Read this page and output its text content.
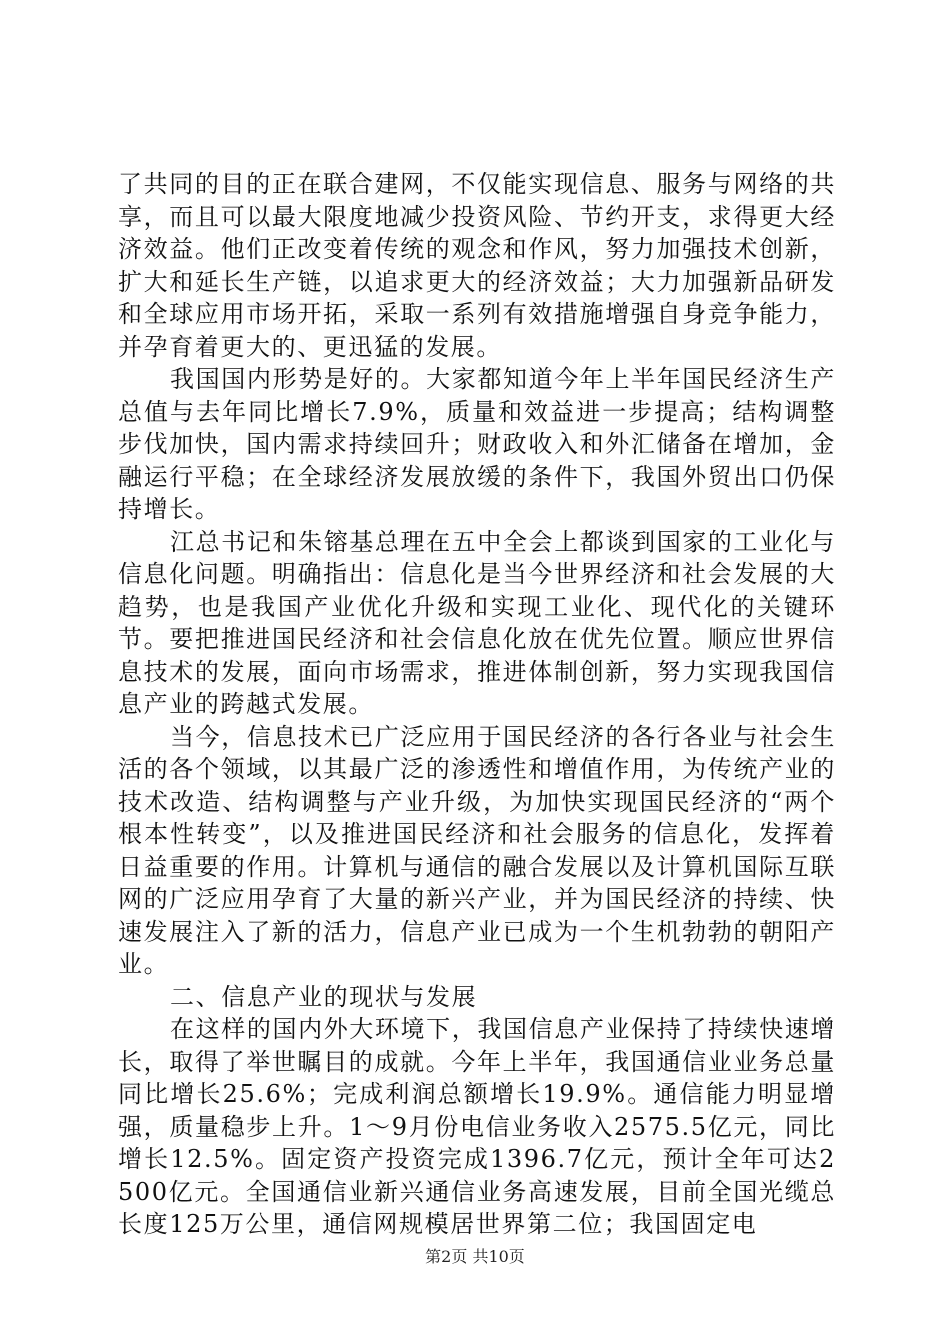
了共同的目的正在联合建网，不仅能实现信息、服务与网络的共享，而且可以最大限度地减少投资风险、节约开支，求得更大经济效益。他们正改变着传统的观念和作风，努力加强技术创新，扩大和延长生产链，以追求更大的经济效益；大力加强新品研发和全球应用市场开拓，采取一系列有效措施增强自身竞争能力，并孕育着更大的、更迅猛的发展。

我国国内形势是好的。大家都知道今年上半年国民经济生产总值与去年同比增长7.9%，质量和效益进一步提高；结构调整步伐加快，国内需求持续回升；财政收入和外汇储备在增加，金融运行平稳；在全球经济发展放缓的条件下，我国外贸出口仍保持增长。

江总书记和朱镕基总理在五中全会上都谈到国家的工业化与信息化问题。明确指出：信息化是当今世界经济和社会发展的大趋势，也是我国产业优化升级和实现工业化、现代化的关键环节。要把推进国民经济和社会信息化放在优先位置。顺应世界信息技术的发展，面向市场需求，推进体制创新，努力实现我国信息产业的跨越式发展。

当今，信息技术已广泛应用于国民经济的各行各业与社会生活的各个领域，以其最广泛的渗透性和增值作用，为传统产业的技术改造、结构调整与产业升级，为加快实现国民经济的“两个根本性转变”，以及推进国民经济和社会服务的信息化，发挥着日益重要的作用。计算机与通信的融合发展以及计算机国际互联网的广泛应用孕育了大量的新兴产业，并为国民经济的持续、快速发展注入了新的活力，信息产业已成为一个生机勃勃的朝阳产业。

二、信息产业的现状与发展

在这样的国内外大环境下，我国信息产业保持了持续快速增长，取得了举世瞩目的成就。今年上半年，我国通信业业务总量同比增长25.6%；完成利润总额增长19.9%。通信能力明显增强，质量稳步上升。1～9月份电信业务收入2575.5亿元，同比增长12.5%。固定资产投资完成1396.7亿元，预计全年可达2500亿元。全国通信业新兴通信业务高速发展，目前全国光缆总长度125万公里，通信网规模居世界第二位；我国固定电

第2页 共10页
